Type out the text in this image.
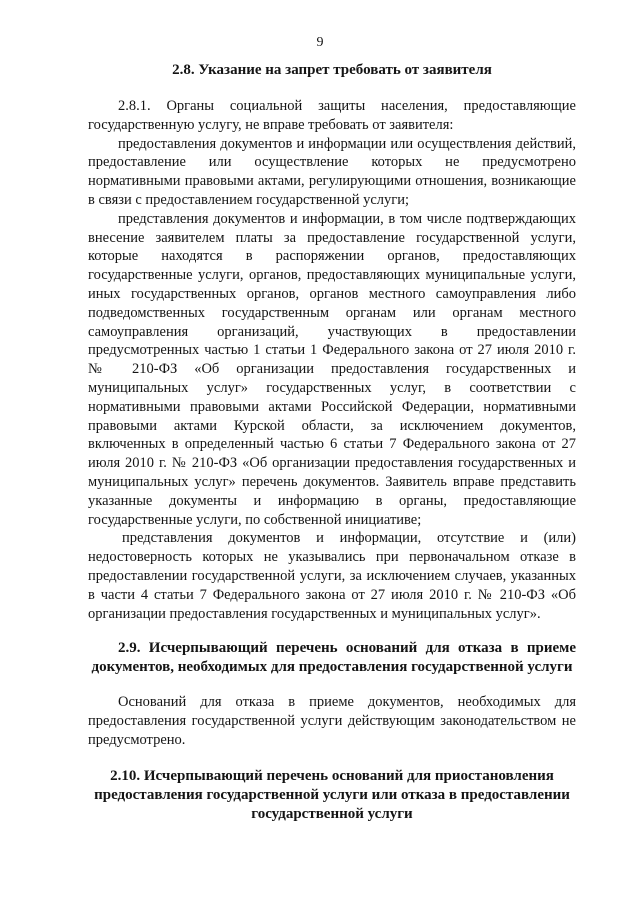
9
2.8. Указание на запрет требовать от заявителя

2.8.1. Органы социальной защиты населения, предоставляющие государственную услугу, не вправе требовать от заявителя:

предоставления документов и информации или осуществления действий, предоставление или осуществление которых не предусмотрено нормативными правовыми актами, регулирующими отношения, возникающие в связи с предоставлением государственной услуги;

представления документов и информации, в том числе подтверждающих внесение заявителем платы за предоставление государственной услуги, которые находятся в распоряжении органов, предоставляющих государственные услуги, органов, предоставляющих муниципальные услуги, иных государственных органов, органов местного самоуправления либо подведомственных государственным органам или органам местного самоуправления организаций, участвующих в предоставлении предусмотренных частью 1 статьи 1 Федерального закона от 27 июля 2010 г. № 210-ФЗ «Об организации предоставления государственных и муниципальных услуг» государственных услуг, в соответствии с нормативными правовыми актами Российской Федерации, нормативными правовыми актами Курской области, за исключением документов, включенных в определенный частью 6 статьи 7 Федерального закона от 27 июля 2010 г. № 210-ФЗ «Об организации предоставления государственных и муниципальных услуг» перечень документов. Заявитель вправе представить указанные документы и информацию в органы, предоставляющие государственные услуги, по собственной инициативе;

представления документов и информации, отсутствие и (или) недостоверность которых не указывались при первоначальном отказе в предоставлении государственной услуги, за исключением случаев, указанных в части 4 статьи 7 Федерального закона от 27 июля 2010 г. № 210-ФЗ «Об организации предоставления государственных и муниципальных услуг».

2.9. Исчерпывающий перечень оснований для отказа в приеме документов, необходимых для предоставления государственной услуги

Оснований для отказа в приеме документов, необходимых для предоставления государственной услуги действующим законодательством не предусмотрено.

2.10. Исчерпывающий перечень оснований для приостановления предоставления государственной услуги или отказа в предоставлении государственной услуги
